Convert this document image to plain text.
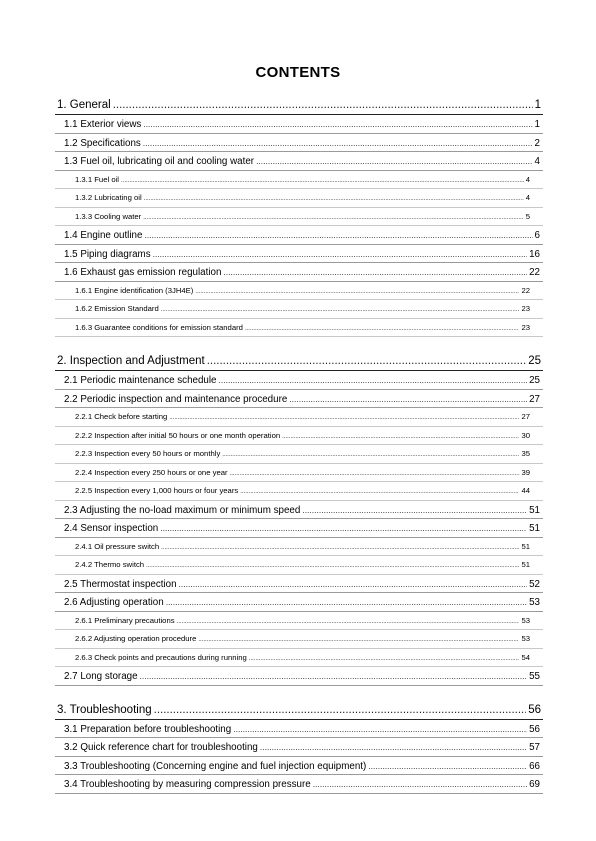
CONTENTS
1. General .....	1
1.1 Exterior views .....	1
1.2 Specifications .....	2
1.3 Fuel oil, lubricating oil and cooling water .....	4
1.3.1 Fuel oil .....	4
1.3.2 Lubricating oil .....	4
1.3.3 Cooling water .....	5
1.4 Engine outline .....	6
1.5 Piping diagrams .....	16
1.6 Exhaust gas emission regulation .....	22
1.6.1 Engine identification (3JH4E) .....	22
1.6.2 Emission Standard .....	23
1.6.3 Guarantee conditions for emission standard .....	23
2. Inspection and Adjustment .....	25
2.1 Periodic maintenance schedule .....	25
2.2 Periodic inspection and maintenance procedure .....	27
2.2.1 Check before starting .....	27
2.2.2 Inspection after initial 50 hours or one month operation .....	30
2.2.3 Inspection every 50 hours or monthly .....	35
2.2.4 Inspection every 250 hours or one year .....	39
2.2.5 Inspection every 1,000 hours or four years .....	44
2.3 Adjusting the no-load maximum or minimum speed .....	51
2.4 Sensor inspection .....	51
2.4.1 Oil pressure switch .....	51
2.4.2 Thermo switch .....	51
2.5 Thermostat inspection .....	52
2.6 Adjusting operation .....	53
2.6.1 Preliminary precautions .....	53
2.6.2 Adjusting operation procedure .....	53
2.6.3 Check points and precautions during running .....	54
2.7 Long storage .....	55
3. Troubleshooting .....	56
3.1 Preparation before troubleshooting .....	56
3.2 Quick reference chart for troubleshooting .....	57
3.3 Troubleshooting (Concerning engine and fuel injection equipment) .....	66
3.4 Troubleshooting by measuring compression pressure .....	69
